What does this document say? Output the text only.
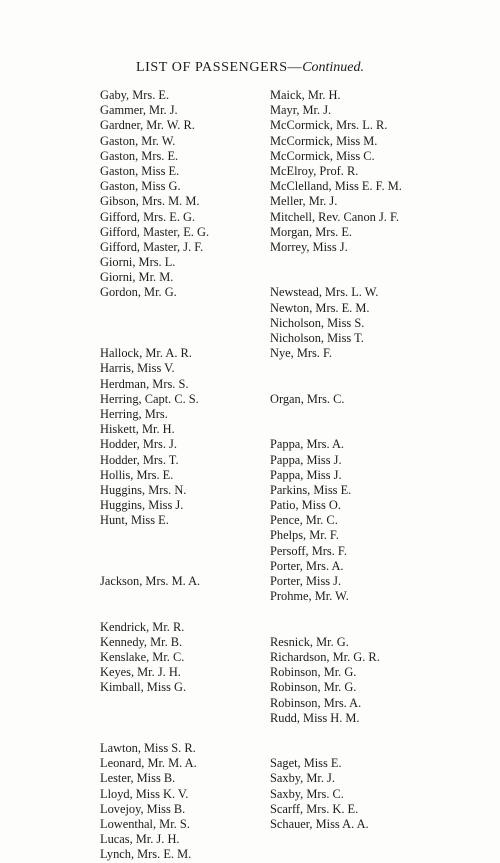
LIST OF PASSENGERS—Continued.
Gaby, Mrs. E.
Gammer, Mr. J.
Gardner, Mr. W. R.
Gaston, Mr. W.
Gaston, Mrs. E.
Gaston, Miss E.
Gaston, Miss G.
Gibson, Mrs. M. M.
Gifford, Mrs. E. G.
Gifford, Master, E. G.
Gifford, Master, J. F.
Giorni, Mrs. L.
Giorni, Mr. M.
Gordon, Mr. G.
Hallock, Mr. A. R.
Harris, Miss V.
Herdman, Mrs. S.
Herring, Capt. C. S.
Herring, Mrs.
Hiskett, Mr. H.
Hodder, Mrs. J.
Hodder, Mrs. T.
Hollis, Mrs. E.
Huggins, Mrs. N.
Huggins, Miss J.
Hunt, Miss E.
Jackson, Mrs. M. A.
Kendrick, Mr. R.
Kennedy, Mr. B.
Kenslake, Mr. C.
Keyes, Mr. J. H.
Kimball, Miss G.
Lawton, Miss S. R.
Leonard, Mr. M. A.
Lester, Miss B.
Lloyd, Miss K. V.
Lovejoy, Miss B.
Lowenthal, Mr. S.
Lucas, Mr. J. H.
Lynch, Mrs. E. M.
Maick, Mr. H.
Mayr, Mr. J.
McCormick, Mrs. L. R.
McCormick, Miss M.
McCormick, Miss C.
McElroy, Prof. R.
McClelland, Miss E. F. M.
Meller, Mr. J.
Mitchell, Rev. Canon J. F.
Morgan, Mrs. E.
Morrey, Miss J.
Newstead, Mrs. L. W.
Newton, Mrs. E. M.
Nicholson, Miss S.
Nicholson, Miss T.
Nye, Mrs. F.
Organ, Mrs. C.
Pappa, Mrs. A.
Pappa, Miss J.
Pappa, Miss J.
Parkins, Miss E.
Patio, Miss O.
Pence, Mr. C.
Phelps, Mr. F.
Persoff, Mrs. F.
Porter, Mrs. A.
Porter, Miss J.
Prohme, Mr. W.
Resnick, Mr. G.
Richardson, Mr. G. R.
Robinson, Mr. G.
Robinson, Mr. G.
Robinson, Mrs. A.
Rudd, Miss H. M.
Saget, Miss E.
Saxby, Mr. J.
Saxby, Mrs. C.
Scarff, Mrs. K. E.
Schauer, Miss A. A.
